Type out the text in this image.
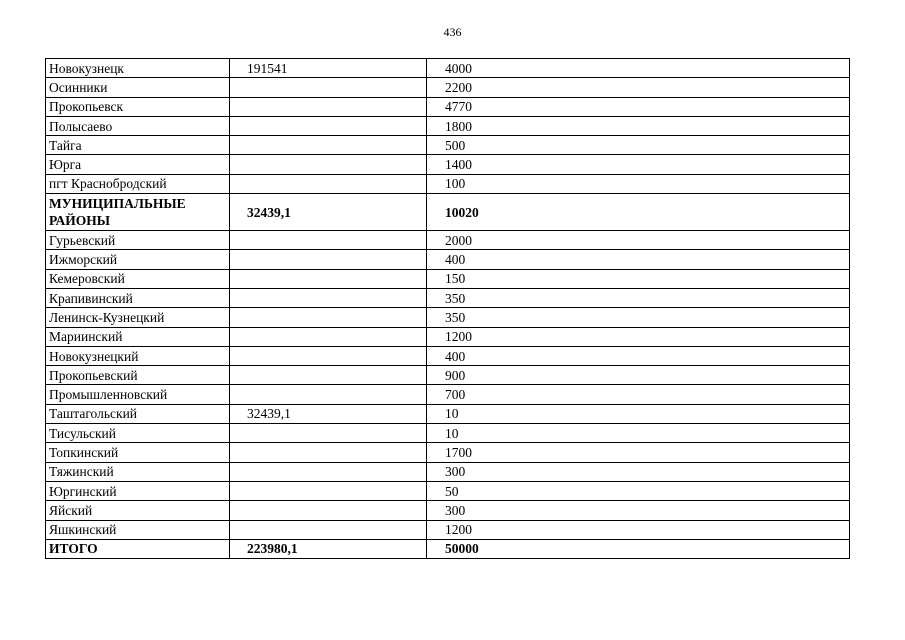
436
Новокузнецк	191541	4000
Осинники		2200
Прокопьевск		4770
Полысаево		1800
Тайга		500
Юрга		1400
пгт Краснобродский		100
МУНИЦИПАЛЬНЫЕ РАЙОНЫ	32439,1	10020
Гурьевский		2000
Ижморский		400
Кемеровский		150
Крапивинский		350
Ленинск-Кузнецкий		350
Мариинский		1200
Новокузнецкий		400
Прокопьевский		900
Промышленновский		700
Таштагольский	32439,1	10
Тисульский		10
Топкинский		1700
Тяжинский		300
Юргинский		50
Яйский		300
Яшкинский		1200
ИТОГО	223980,1	50000
